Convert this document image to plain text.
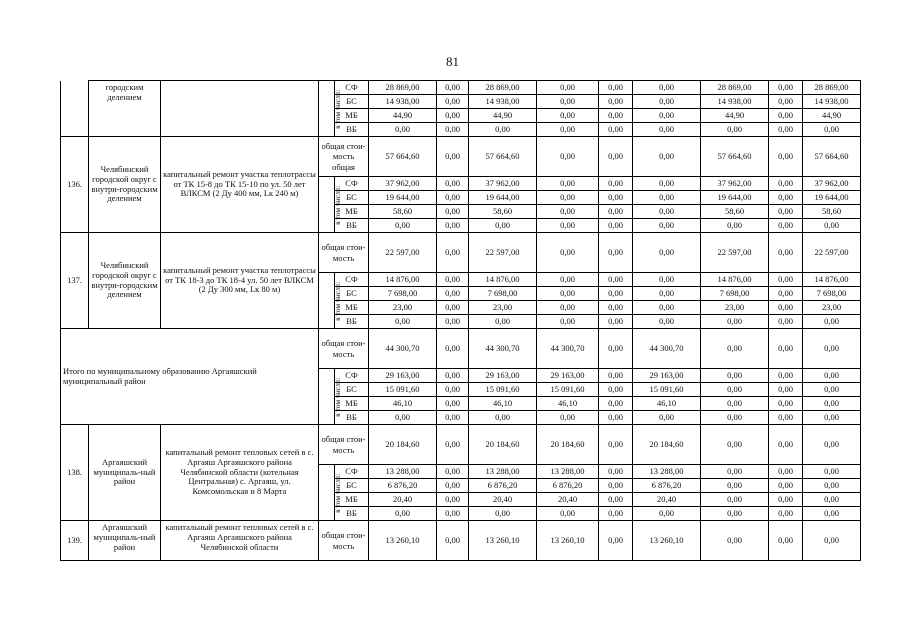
81
	городским делением		в том числе:	СФ	28 869,00	0,00	28 869,00	0,00	0,00	0,00	28 869,00	0,00	28 869,00
				БС	14 938,00	0,00	14 938,00	0,00	0,00	0,00	14 938,00	0,00	14 938,00
				МБ	44,90	0,00	44,90	0,00	0,00	0,00	44,90	0,00	44,90
				ВБ	0,00	0,00	0,00	0,00	0,00	0,00	0,00	0,00	0,00
136.	Челябинский городской округ с внутри-городским делением	капитальный ремонт участка теплотрассы от ТК 15-8 до ТК 15-10 по ул. 50 лет ВЛКСМ (2 Ду 400 мм, Lк 240 м)	общая стои-мость общая		57 664,60	0,00	57 664,60	0,00	0,00	0,00	57 664,60	0,00	57 664,60
			в том числе:	СФ	37 962,00	0,00	37 962,00	0,00	0,00	0,00	37 962,00	0,00	37 962,00
				БС	19 644,00	0,00	19 644,00	0,00	0,00	0,00	19 644,00	0,00	19 644,00
				МБ	58,60	0,00	58,60	0,00	0,00	0,00	58,60	0,00	58,60
				ВБ	0,00	0,00	0,00	0,00	0,00	0,00	0,00	0,00	0,00
137.	Челябинский городской округ с внутри-городским делением	капитальный ремонт участка теплотрассы от ТК 18-3 до ТК 18-4 ул. 50 лет ВЛКСМ (2 Ду 300 мм, Lк 80 м)	общая стои-мость		22 597,00	0,00	22 597,00	0,00	0,00	0,00	22 597,00	0,00	22 597,00
			в том числе:	СФ	14 876,00	0,00	14 876,00	0,00	0,00	0,00	14 876,00	0,00	14 876,00
				БС	7 698,00	0,00	7 698,00	0,00	0,00	0,00	7 698,00	0,00	7 698,00
				МБ	23,00	0,00	23,00	0,00	0,00	0,00	23,00	0,00	23,00
				ВБ	0,00	0,00	0,00	0,00	0,00	0,00	0,00	0,00	0,00
Итого по муниципальному образованию Аргаяшский муниципальный район			общая стои-мость		44 300,70	0,00	44 300,70	44 300,70	0,00	44 300,70	0,00	0,00	0,00
			в том числе:	СФ	29 163,00	0,00	29 163,00	29 163,00	0,00	29 163,00	0,00	0,00	0,00
				БС	15 091,60	0,00	15 091,60	15 091,60	0,00	15 091,60	0,00	0,00	0,00
				МБ	46,10	0,00	46,10	46,10	0,00	46,10	0,00	0,00	0,00
				ВБ	0,00	0,00	0,00	0,00	0,00	0,00	0,00	0,00	0,00
138.	Аргаяшский муниципаль-ный район	капитальный ремонт тепловых сетей в с. Аргаяш Аргаяшского района Челябинской области (котельная Центральная) с. Аргаяш, ул. Комсомольская и 8 Марта	общая стои-мость		20 184,60	0,00	20 184,60	20 184,60	0,00	20 184,60	0,00	0,00	0,00
			в том числе:	СФ	13 288,00	0,00	13 288,00	13 288,00	0,00	13 288,00	0,00	0,00	0,00
				БС	6 876,20	0,00	6 876,20	6 876,20	0,00	6 876,20	0,00	0,00	0,00
				МБ	20,40	0,00	20,40	20,40	0,00	20,40	0,00	0,00	0,00
				ВБ	0,00	0,00	0,00	0,00	0,00	0,00	0,00	0,00	0,00
139.	Аргаяшский муниципаль-ный район	капитальный ремонт тепловых сетей в с. Аргаяш Аргаяшского района Челябинской области	общая стои-мость		13 260,10	0,00	13 260,10	13 260,10	0,00	13 260,10	0,00	0,00	0,00
